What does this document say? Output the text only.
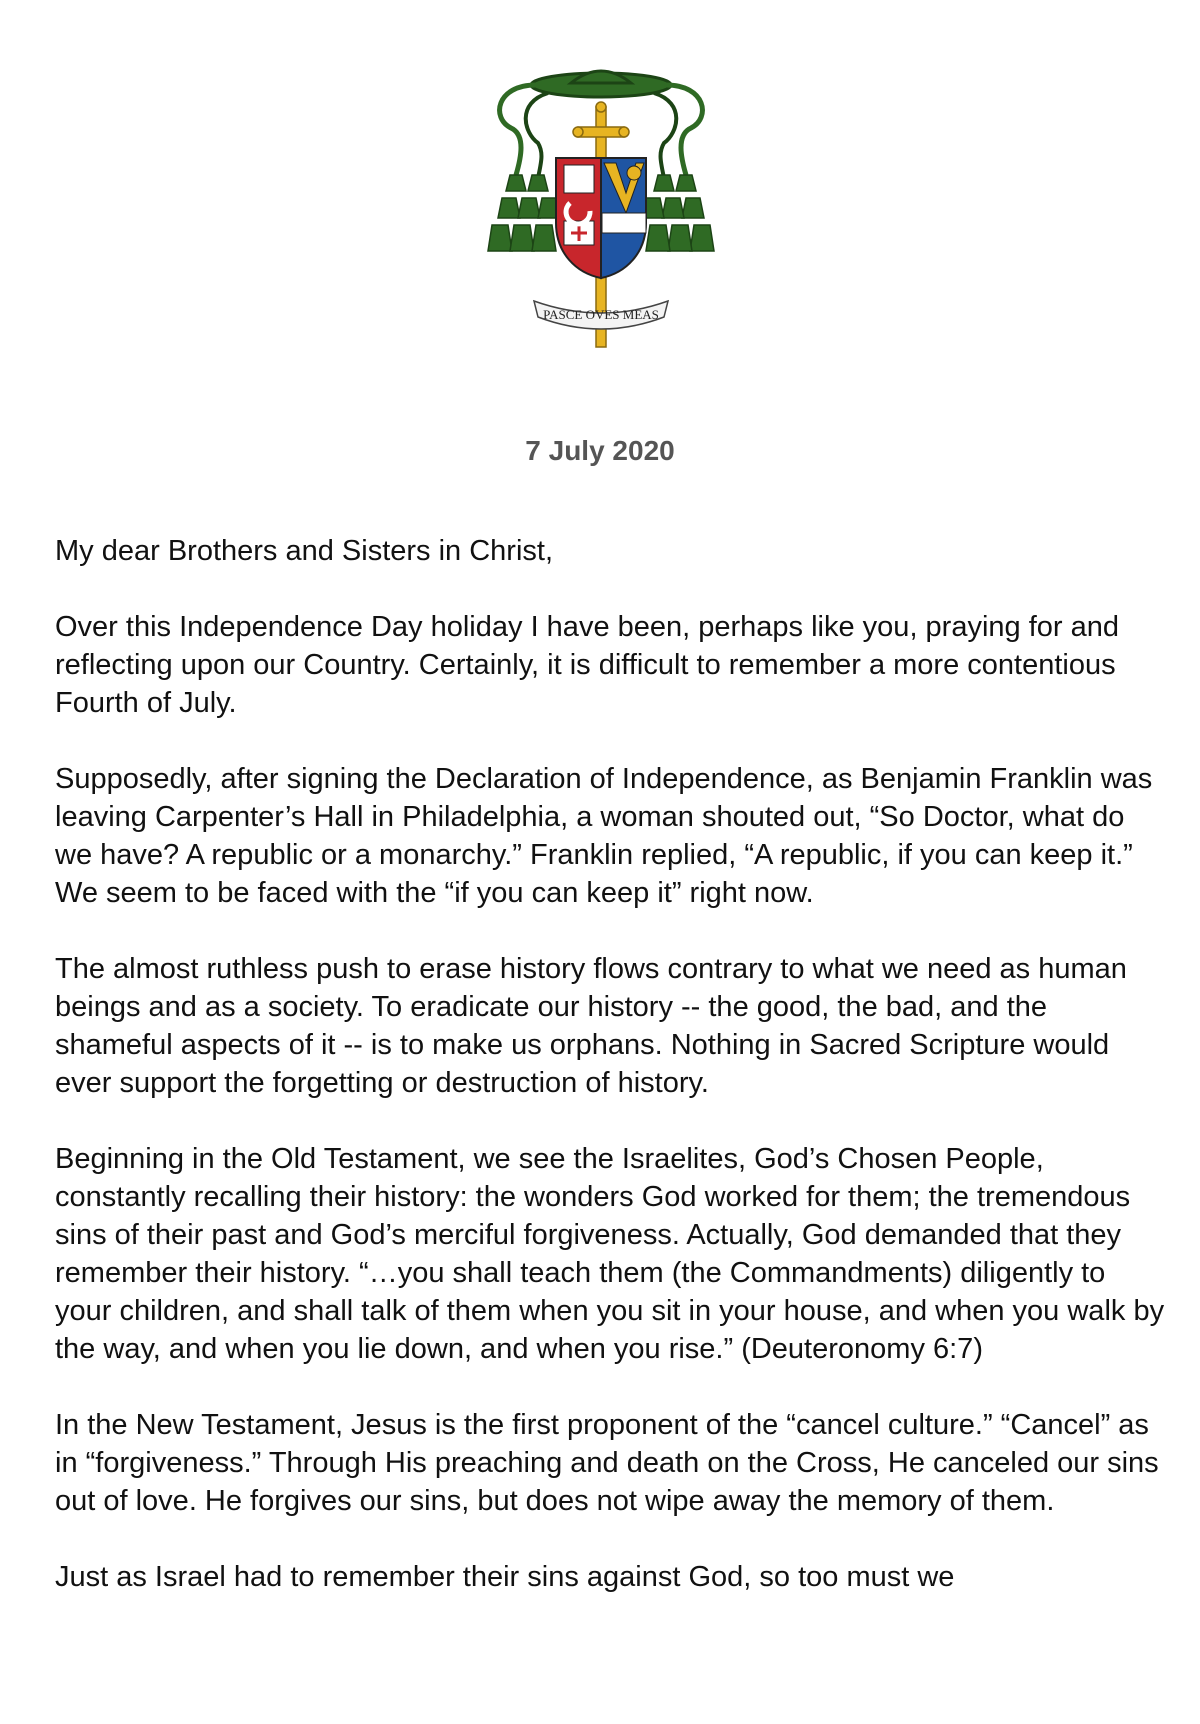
PASCE OVES MEAS
7 July 2020

My dear Brothers and Sisters in Christ,

Over this Independence Day holiday I have been, perhaps like you, praying for and reflecting upon our Country. Certainly, it is difficult to remember a more contentious Fourth of July.

Supposedly, after signing the Declaration of Independence, as Benjamin Franklin was leaving Carpenter’s Hall in Philadelphia, a woman shouted out, “So Doctor, what do we have? A republic or a monarchy.” Franklin replied, “A republic, if you can keep it.” We seem to be faced with the “if you can keep it” right now.

The almost ruthless push to erase history flows contrary to what we need as human beings and as a society. To eradicate our history -- the good, the bad, and the shameful aspects of it -- is to make us orphans. Nothing in Sacred Scripture would ever support the forgetting or destruction of history.

Beginning in the Old Testament, we see the Israelites, God’s Chosen People, constantly recalling their history: the wonders God worked for them; the tremendous sins of their past and God’s merciful forgiveness. Actually, God demanded that they remember their history. “…you shall teach them (the Commandments) diligently to your children, and shall talk of them when you sit in your house, and when you walk by the way, and when you lie down, and when you rise.” (Deuteronomy 6:7)

In the New Testament, Jesus is the first proponent of the “cancel culture.” “Cancel” as in “forgiveness.” Through His preaching and death on the Cross, He canceled our sins out of love. He forgives our sins, but does not wipe away the memory of them.

Just as Israel had to remember their sins against God, so too must we
